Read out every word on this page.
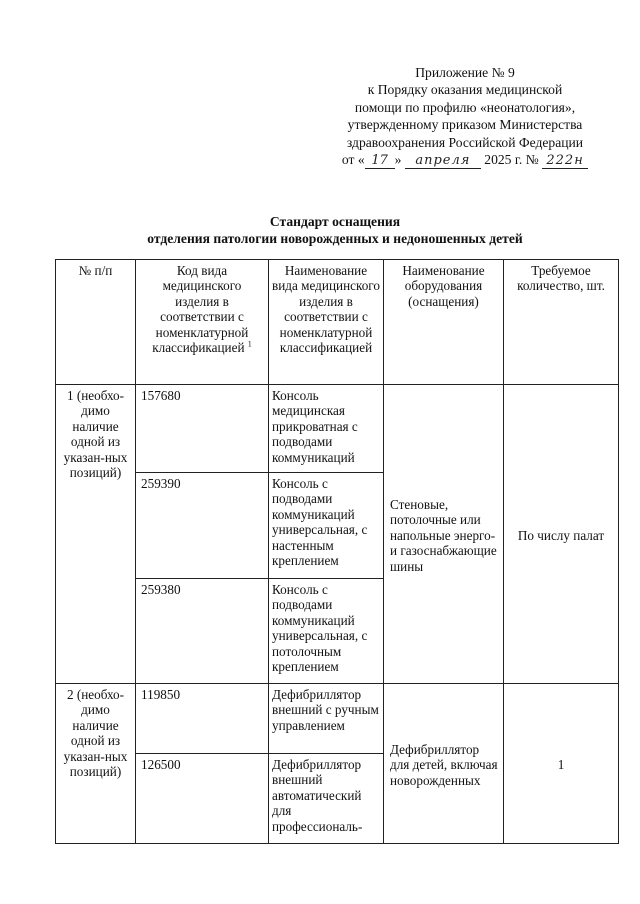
Приложение № 9
к Порядку оказания медицинской
помощи по профилю «неонатология»,
утвержденному приказом Министерства
здравоохранения Российской Федерации
от « 17 » апреля 2025 г. № 222н
Стандарт оснащения
отделения патологии новорожденных и недоношенных детей
№ п/п	Код вида медицинского изделия в соответствии с номенклатурной классификацией $^1$	Наименование вида медицинского изделия в соответствии с номенклатурной классификацией	Наименование оборудования (оснащения)	Требуемое количество, шт.
1 (необхо-димо наличие одной из указан-ных позиций)	157680	Консоль медицинская прикроватная с подводами коммуникаций	Стеновые, потолочные или напольные энерго- и газоснабжающие шины	По числу палат
	259390	Консоль с подводами коммуникаций универсальная, с настенным креплением		
	259380	Консоль с подводами коммуникаций универсальная, с потолочным креплением		
2 (необхо-димо наличие одной из указан-ных позиций)	119850	Дефибриллятор внешний с ручным управлением	Дефибриллятор для детей, включая новорожденных	1
	126500	Дефибриллятор внешний автоматический для профессиональ-		
